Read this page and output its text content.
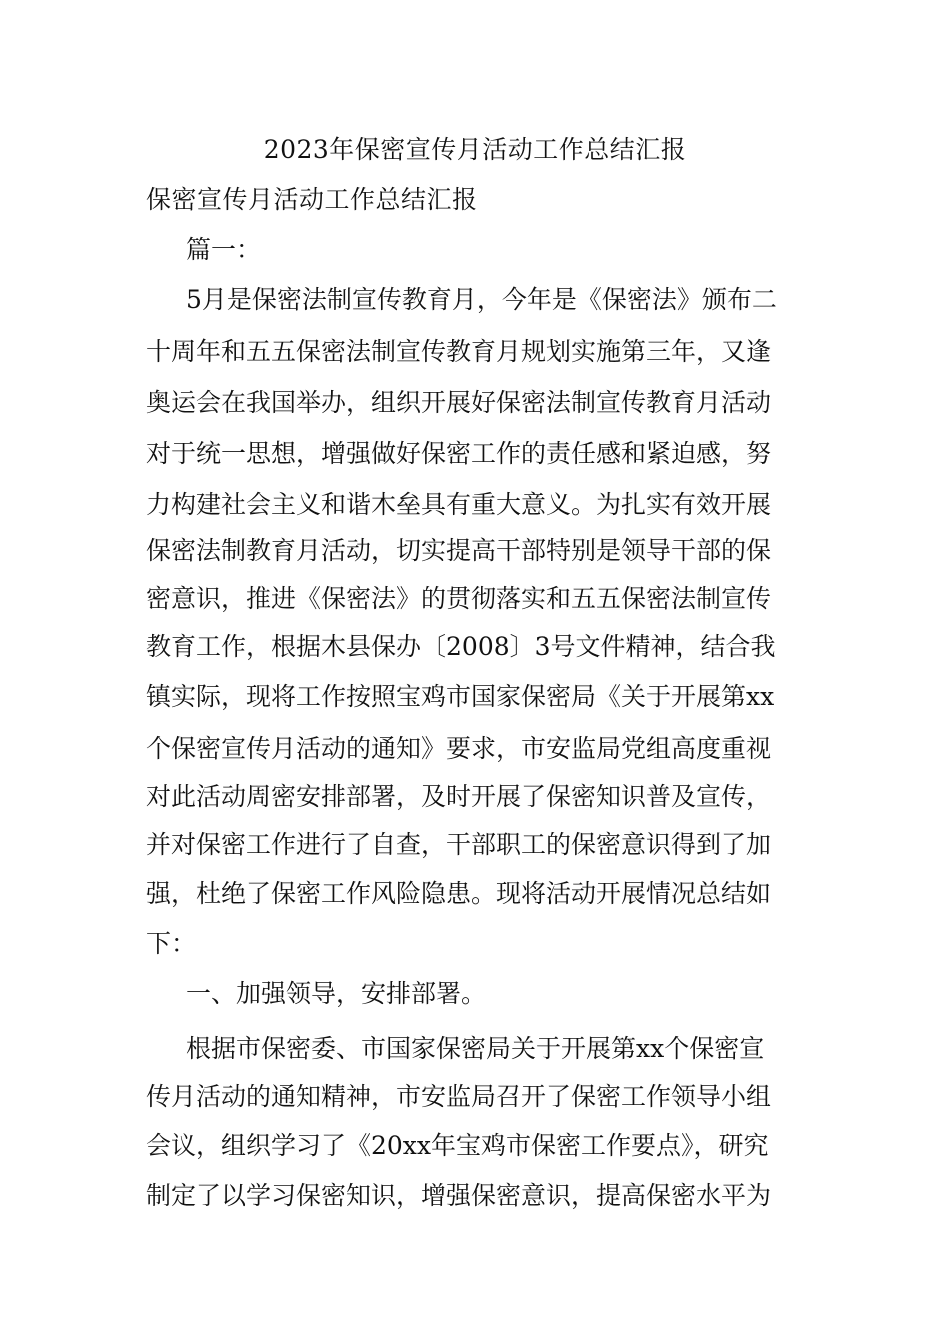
2023年保密宣传月活动工作总结汇报
保密宣传月活动工作总结汇报
篇一：
5月是保密法制宣传教育月，今年是《保密法》颁布二
十周年和五五保密法制宣传教育月规划实施第三年，又逢
奥运会在我国举办，组织开展好保密法制宣传教育月活动
对于统一思想，增强做好保密工作的责任感和紧迫感，努
力构建社会主义和谐木垒具有重大意义。为扎实有效开展
保密法制教育月活动，切实提高干部特别是领导干部的保
密意识，推进《保密法》的贯彻落实和五五保密法制宣传
教育工作，根据木县保办〔2008〕3号文件精神，结合我
镇实际，现将工作按照宝鸡市国家保密局《关于开展第xx
个保密宣传月活动的通知》要求，市安监局党组高度重视
对此活动周密安排部署，及时开展了保密知识普及宣传，
并对保密工作进行了自查，干部职工的保密意识得到了加
强，杜绝了保密工作风险隐患。现将活动开展情况总结如
下：
一、加强领导，安排部署。
根据市保密委、市国家保密局关于开展第xx个保密宣
传月活动的通知精神，市安监局召开了保密工作领导小组
会议，组织学习了《20xx年宝鸡市保密工作要点》，研究
制定了以学习保密知识，增强保密意识，提高保密水平为
